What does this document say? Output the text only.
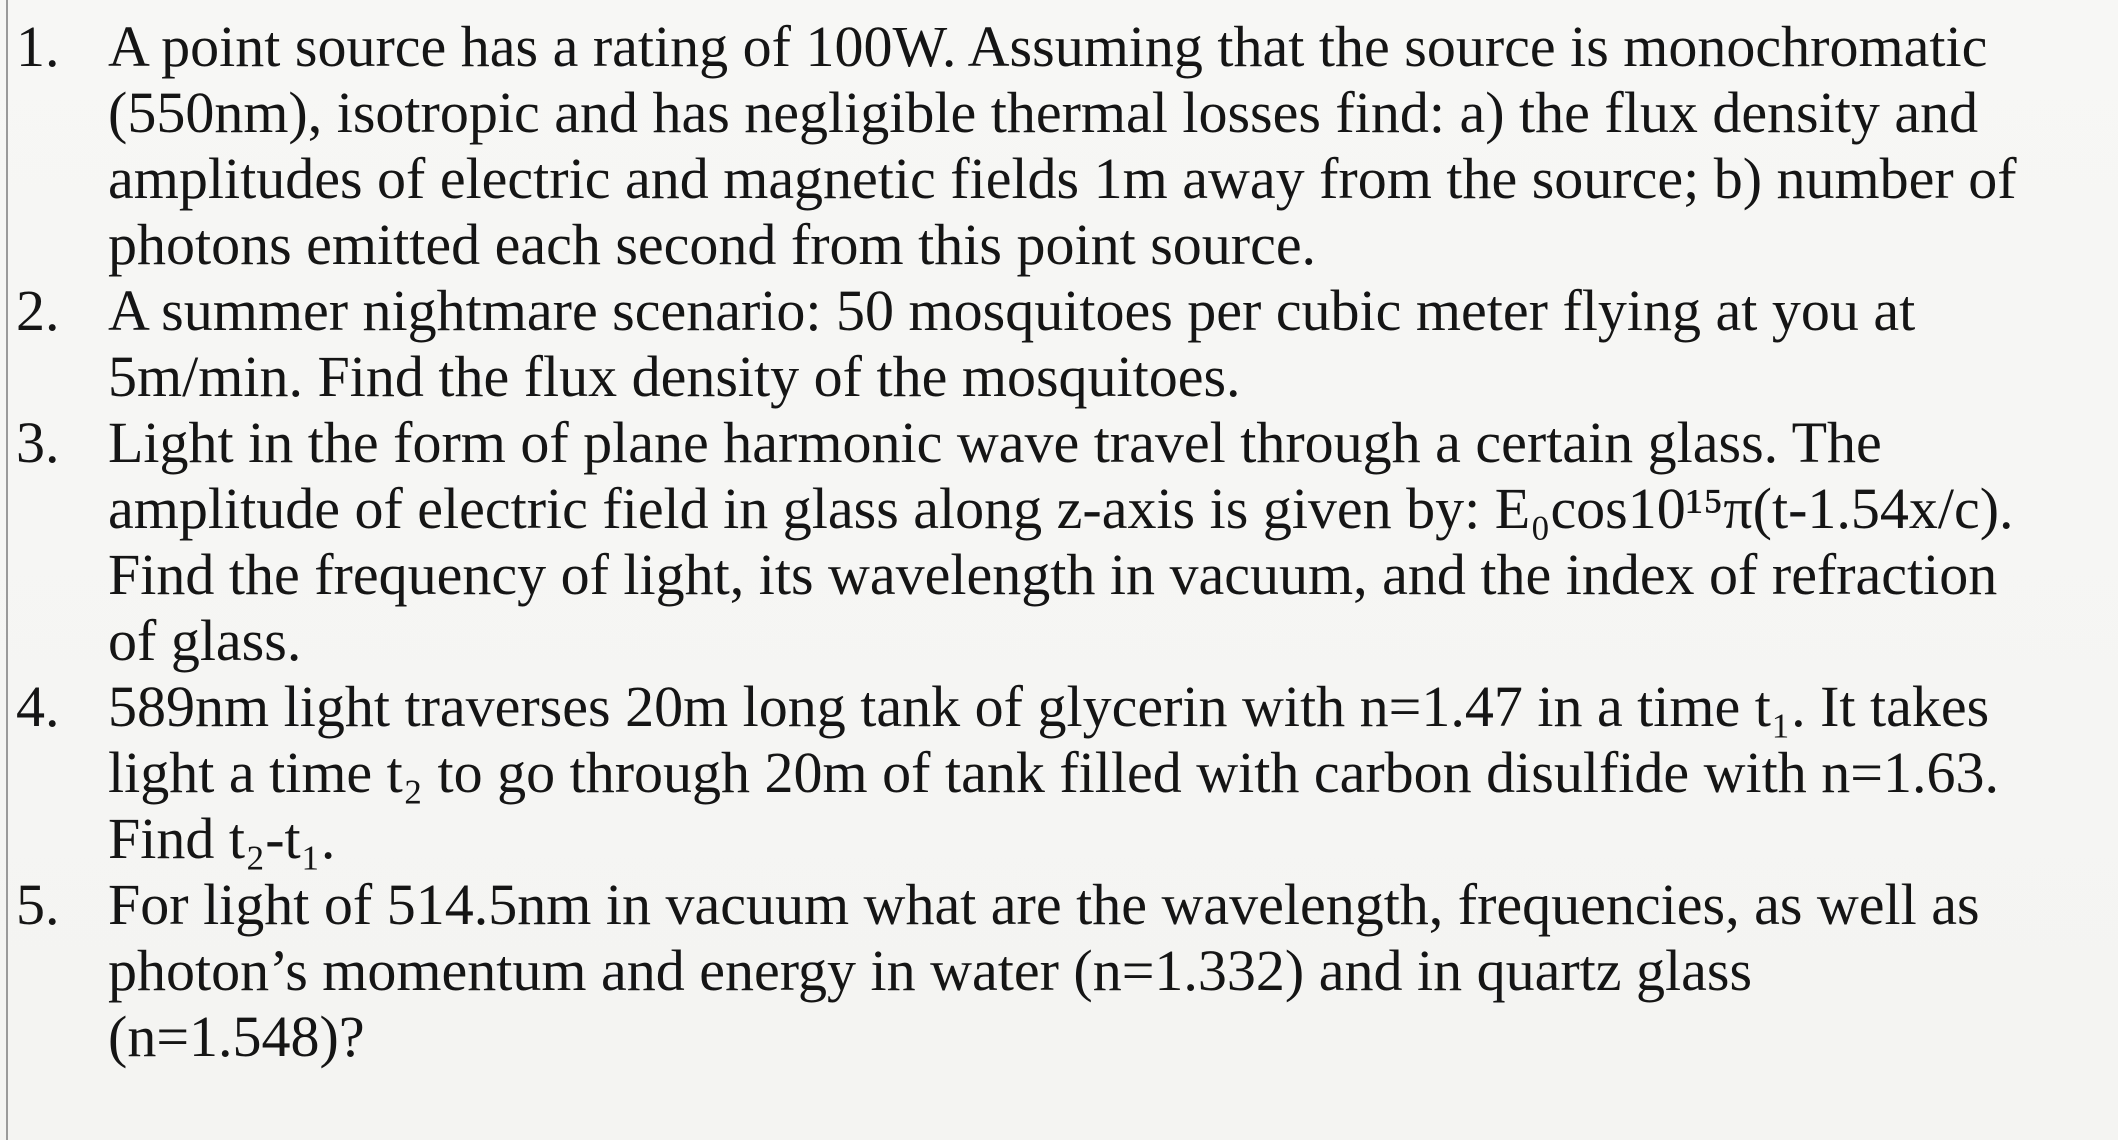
1. A point source has a rating of 100W. Assuming that the source is monochromatic
(550nm), isotropic and has negligible thermal losses find: a) the flux density and
amplitudes of electric and magnetic fields 1m away from the source; b) number of
photons emitted each second from this point source.
2. A summer nightmare scenario: 50 mosquitoes per cubic meter flying at you at
5m/min. Find the flux density of the mosquitoes.
3. Light in the form of plane harmonic wave travel through a certain glass. The
amplitude of electric field in glass along z-axis is given by: E₀cos10¹⁵π(t-1.54x/c).
Find the frequency of light, its wavelength in vacuum, and the index of refraction
of glass.
4. 589nm light traverses 20m long tank of glycerin with n=1.47 in a time t₁. It takes
light a time t₂ to go through 20m of tank filled with carbon disulfide with n=1.63.
Find t₂-t₁.
5. For light of 514.5nm in vacuum what are the wavelength, frequencies, as well as
photon’s momentum and energy in water (n=1.332) and in quartz glass
(n=1.548)?
